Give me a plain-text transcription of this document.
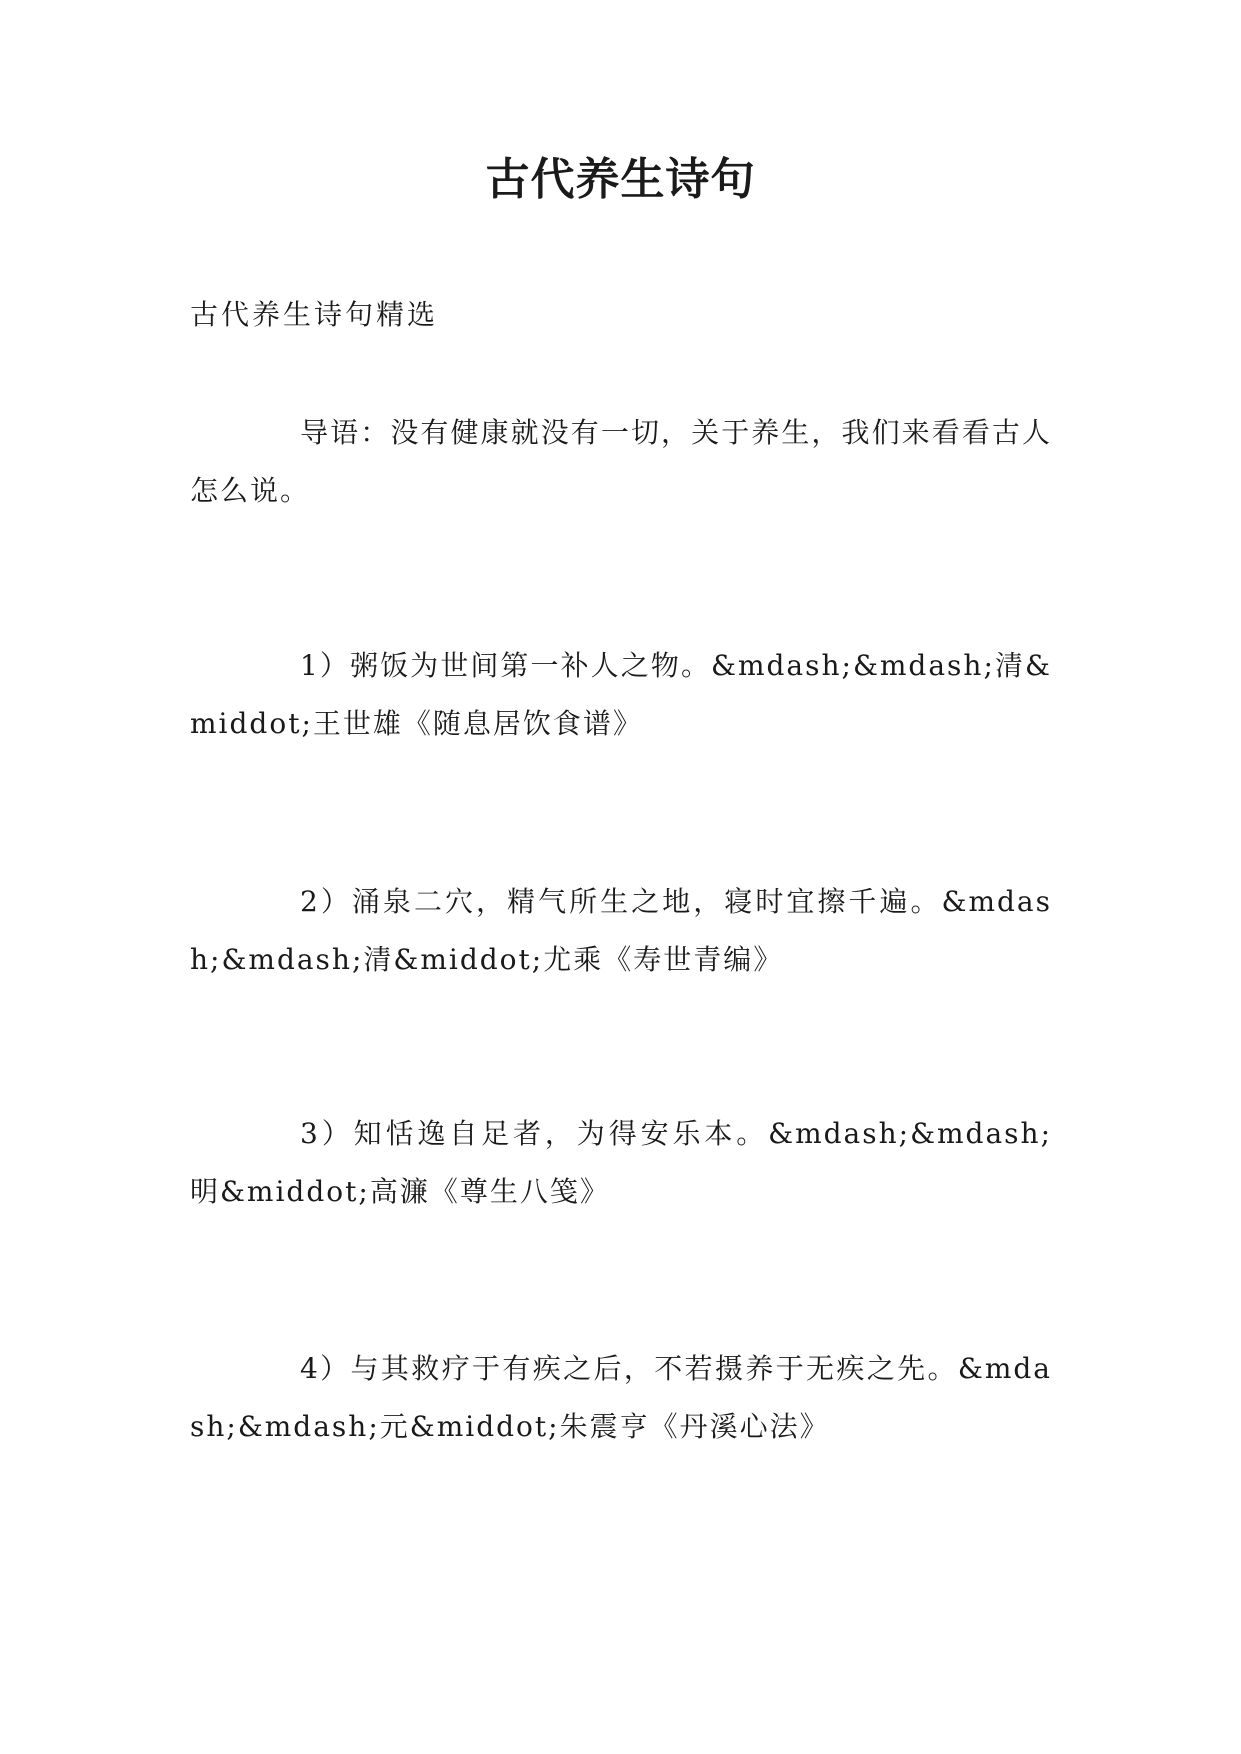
古代养生诗句

古代养生诗句精选

导语：没有健康就没有一切，关于养生，我们来看看古人怎么说。

1）粥饭为世间第一补人之物。&mdash;&mdash;清&middot;王世雄《随息居饮食谱》

2）涌泉二穴，精气所生之地，寝时宜擦千遍。&mdash;&mdash;清&middot;尤乘《寿世青编》

3）知恬逸自足者，为得安乐本。&mdash;&mdash;明&middot;高濂《尊生八笺》

4）与其救疗于有疾之后，不若摄养于无疾之先。&mdash;&mdash;元&middot;朱震亨《丹溪心法》
